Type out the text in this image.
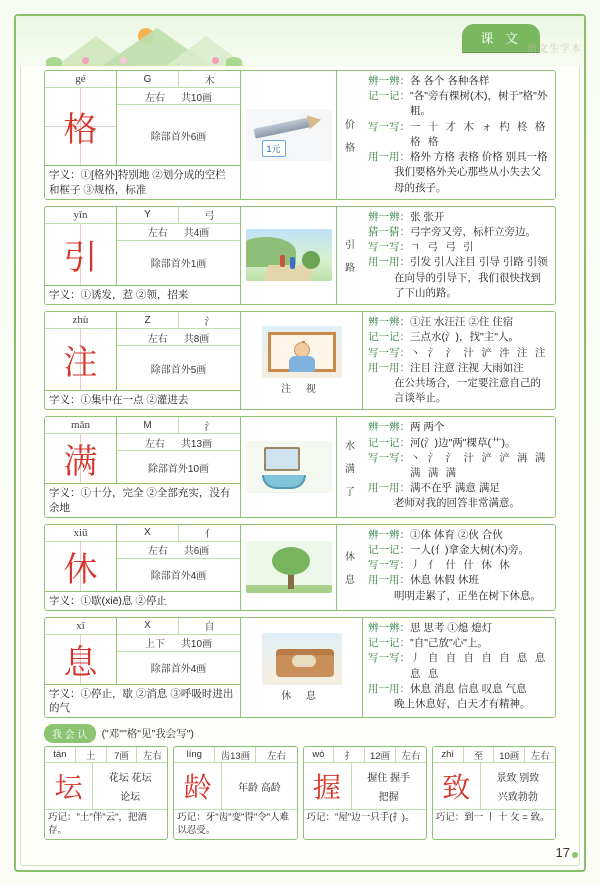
课 文
语文生字本
gé
格
G	木
左右	共10画
除部首外6画
字义：①[格外]特别地 ②划分成的空栏和框子 ③规格，标准
1元
价
格
辨一辨： 各 各个 各种各样
记一记： "各"旁有棵树(木)，树于"格"外粗。
写一写： 一 十 才 木 ォ 杓 柊 格 格 格
用一用： 格外 方格 表格 价格 别具一格
我们要格外关心那些从小失去父母的孩子。
yǐn
引
Y	弓
左右	共4画
除部首外1画
字义：①诱发，惹 ②领，招来
引
路
辨一辨： 张 张开
猜一猜： 弓字旁又旁，标杆立旁边。
写一写： ㄱ 弓 弓 引
用一用： 引发 引人注目 引导 引路 引领
在向导的引导下，我们很快找到了下山的路。
zhù
注
Z	氵
左右	共8画
除部首外5画
字义：①集中在一点 ②灌进去
注 视
辨一辨： ①汪 水汪汪 ②住 住宿
记一记： 三点水(氵)，找"主"人。
写一写： 丶 氵 氵 汁 浐 汼 注 注
用一用： 注目 注意 注视 大雨如注
在公共场合，一定要注意自己的言谈举止。
mǎn
满
M	氵
左右	共13画
除部首外10画
字义：①十分，完全 ②全部充实，没有余地
水
满
了
辨一辨： 两 两个
记一记： 河(氵)边"两"棵草(艹)。
写一写： 丶 氵 氵 汁 浐 浐 洅 满 满 满 满
用一用： 满不在乎 满意 满足
老师对我的回答非常满意。
xiū
休
X	亻
左右	共6画
除部首外4画
字义：①歇(xiē)息 ②停止
休
息
辨一辨： ①体 体育 ②伙 合伙
记一记： 一人(亻)拿金大树(木)旁。
写一写： 丿 亻 什 什 休 休
用一用： 休息 休假 休班
明明走累了，正坐在树下休息。
xī
息
X	自
上下	共10画
除部首外4画
字义：①停止，歇 ②消息 ③呼吸时进出的气
休 息
辨一辨： 思 思考 ①熄 熄灯
记一记： "自"己放"心"上。
写一写： 丿 自 自 自 自 自 息 息 息 息
用一用： 休息 消息 信息 叹息 气息
晚上休息好，白天才有精神。
我 会 认	("邓""格"见"我会写")
tán	土	7画	左右
坛	花坛 花坛
论坛
巧记："土"伴"云"，把酒存。
líng	齿13画	左右
龄	年龄 高龄
巧记：牙"齿"变"得"令"人难以忍受。
wò	扌	12画	左右
握	握住 握手
把握
巧记："屋"边一只手(扌)。
zhì	至	10画	左右
致	景致 别致
兴致勃勃
巧记：到一 丨 十 攵 = 致。
17
